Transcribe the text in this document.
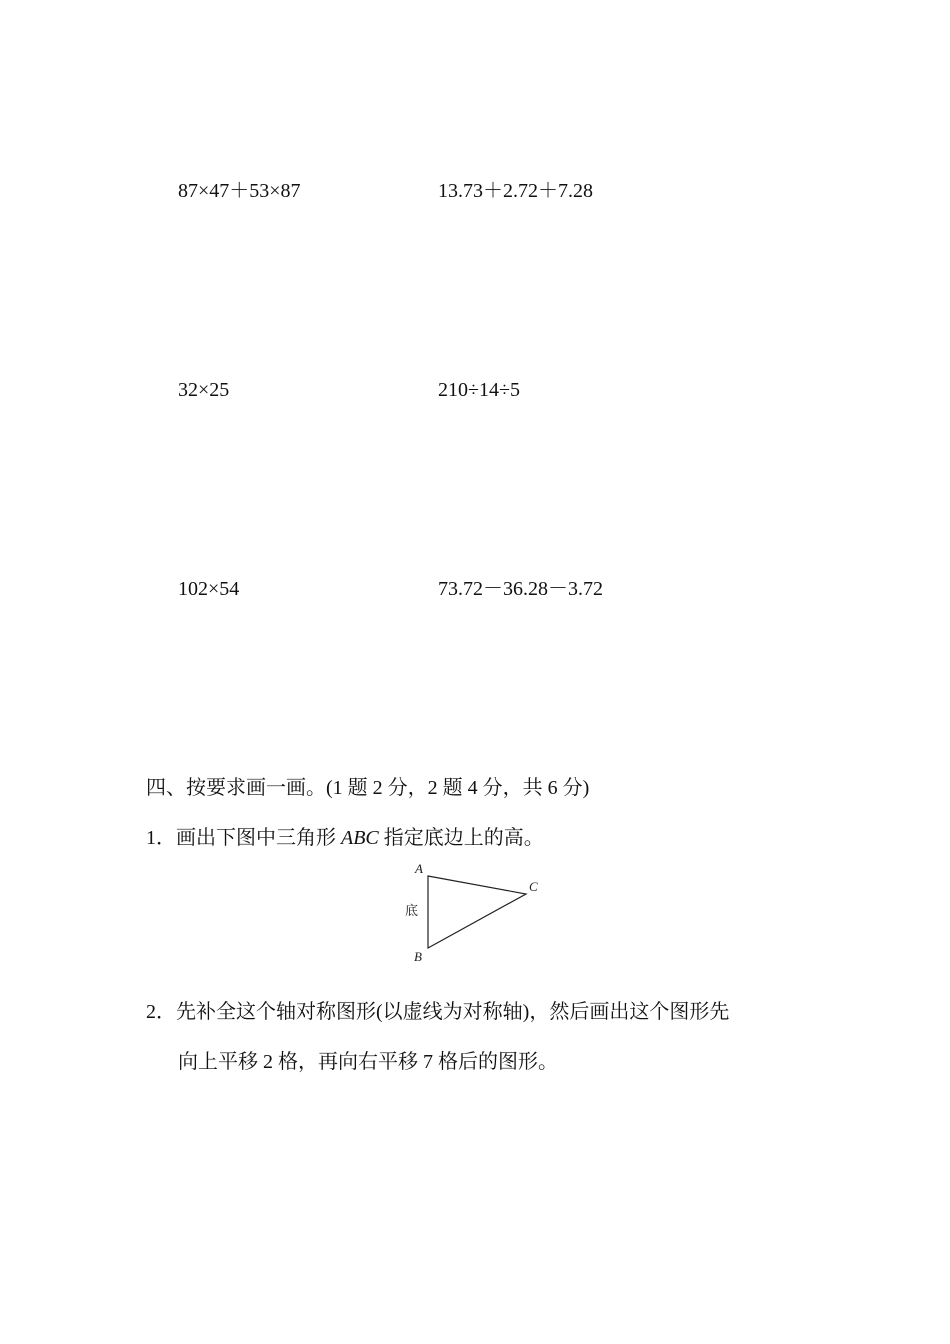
87×47＋53×87	13.73＋2.72＋7.28
32×25	210÷14÷5
102×54	73.72－36.28－3.72
四、按要求画一画。(1 题 2 分，2 题 4 分，共 6 分)
1．画出下图中三角形 ABC 指定底边上的高。
A
B
C
底
2．先补全这个轴对称图形(以虚线为对称轴)，然后画出这个图形先
向上平移 2 格，再向右平移 7 格后的图形。
